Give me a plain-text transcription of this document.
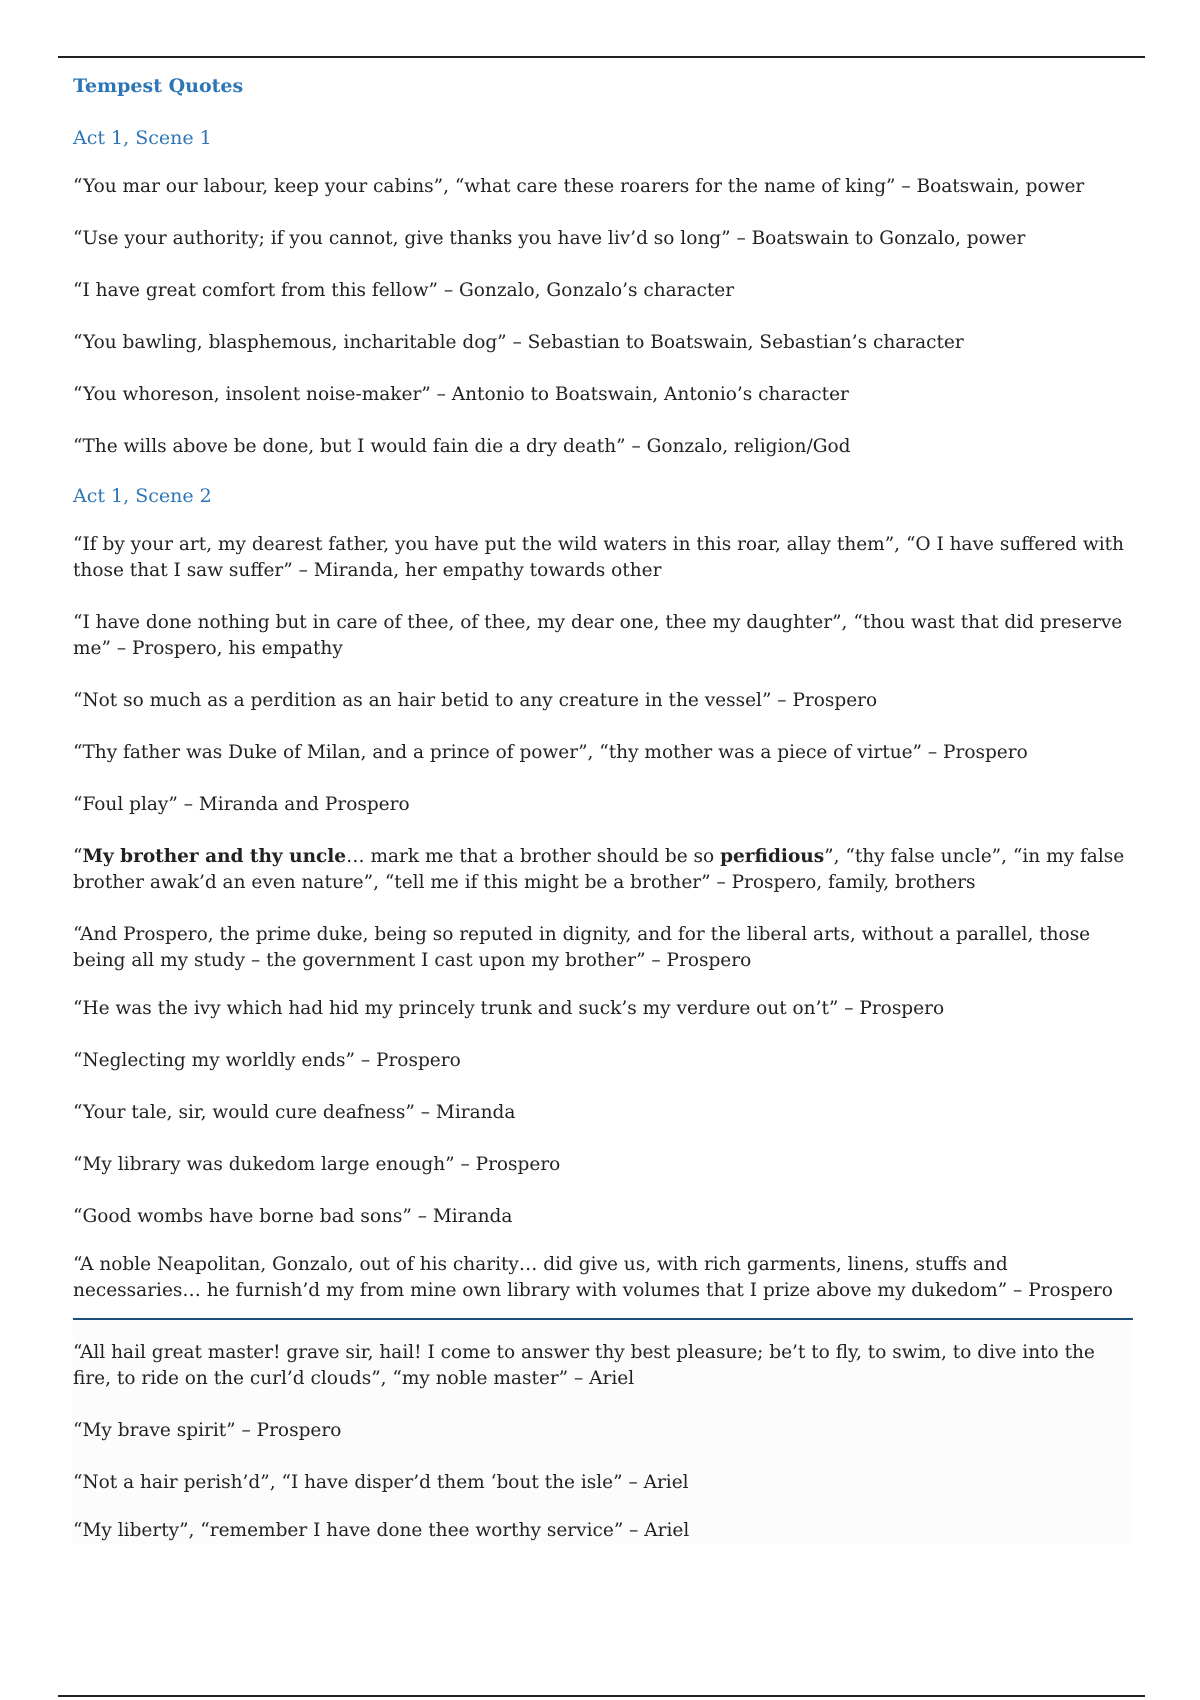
Tempest Quotes
Act 1, Scene 1

“You mar our labour, keep your cabins”, “what care these roarers for the name of king” – Boatswain, power

“Use your authority; if you cannot, give thanks you have liv’d so long” – Boatswain to Gonzalo, power

“I have great comfort from this fellow” – Gonzalo, Gonzalo’s character

“You bawling, blasphemous, incharitable dog” – Sebastian to Boatswain, Sebastian’s character

“You whoreson, insolent noise-maker” – Antonio to Boatswain, Antonio’s character

“The wills above be done, but I would fain die a dry death” – Gonzalo, religion/God

Act 1, Scene 2

“If by your art, my dearest father, you have put the wild waters in this roar, allay them”, “O I have suffered with those that I saw suffer” – Miranda, her empathy towards other

“I have done nothing but in care of thee, of thee, my dear one, thee my daughter”, “thou wast that did preserve me” – Prospero, his empathy

“Not so much as a perdition as an hair betid to any creature in the vessel” – Prospero

“Thy father was Duke of Milan, and a prince of power”, “thy mother was a piece of virtue” – Prospero

“Foul play” – Miranda and Prospero

“My brother and thy uncle… mark me that a brother should be so perfidious”, “thy false uncle”, “in my false brother awak’d an even nature”, “tell me if this might be a brother” – Prospero, family, brothers

“And Prospero, the prime duke, being so reputed in dignity, and for the liberal arts, without a parallel, those being all my study – the government I cast upon my brother” – Prospero

“He was the ivy which had hid my princely trunk and suck’s my verdure out on’t” – Prospero

“Neglecting my worldly ends” – Prospero

“Your tale, sir, would cure deafness” – Miranda

“My library was dukedom large enough” – Prospero

“Good wombs have borne bad sons” – Miranda

“A noble Neapolitan, Gonzalo, out of his charity… did give us, with rich garments, linens, stuffs and necessaries… he furnish’d my from mine own library with volumes that I prize above my dukedom” – Prospero

“All hail great master! grave sir, hail! I come to answer thy best pleasure; be’t to fly, to swim, to dive into the fire, to ride on the curl’d clouds”, “my noble master” – Ariel

“My brave spirit” – Prospero

“Not a hair perish’d”, “I have disper’d them ‘bout the isle” – Ariel

“My liberty”, “remember I have done thee worthy service” – Ariel
